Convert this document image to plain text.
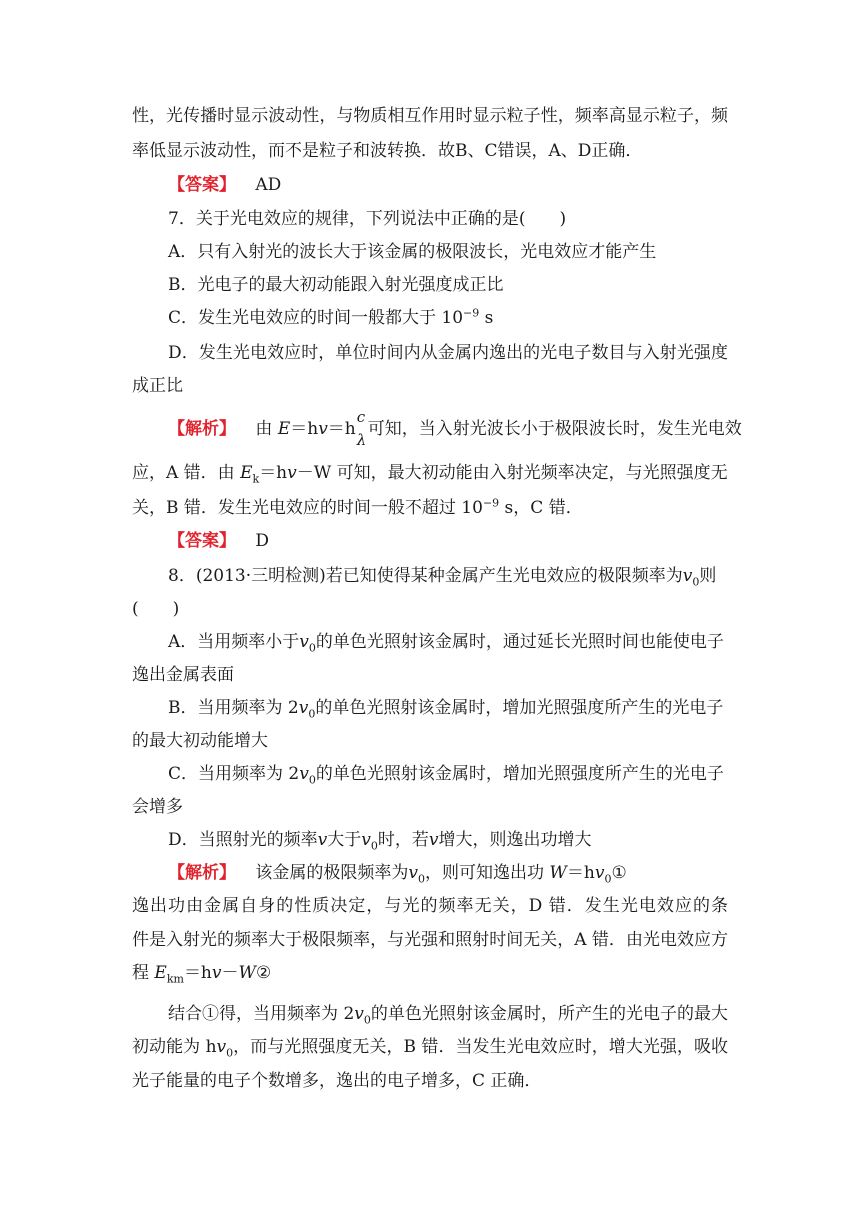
性，光传播时显示波动性，与物质相互作用时显示粒子性，频率高显示粒子，频
率低显示波动性，而不是粒子和波转换．故B、C错误，A、D正确．
【答案】 AD
7．关于光电效应的规律，下列说法中正确的是(　　)
A．只有入射光的波长大于该金属的极限波长，光电效应才能产生
B．光电子的最大初动能跟入射光强度成正比
C．发生光电效应的时间一般都大于 $10^{-9}$ s
D．发生光电效应时，单位时间内从金属内逸出的光电子数目与入射光强度
成正比
【解析】 由 E＝hv＝h
c
λ
可知，当入射光波长小于极限波长时，发生光电效
应，A 错．由 $E_k=hv-W$ 可知，最大初动能由入射光频率决定，与光照强度无
关，B 错．发生光电效应的时间一般不超过 $10^{-9}$ s，C 错．
【答案】 D
8．(2013·三明检测)若已知使得某种金属产生光电效应的极限频率为$v_0$则
(　　)
A．当用频率小于$v_0$的单色光照射该金属时，通过延长光照时间也能使电子
逸出金属表面
B．当用频率为 $2v_0$的单色光照射该金属时，增加光照强度所产生的光电子
的最大初动能增大
C．当用频率为 $2v_0$的单色光照射该金属时，增加光照强度所产生的光电子
会增多
D．当照射光的频率v大于$v_0$时，若v增大，则逸出功增大
【解析】 该金属的极限频率为$v_0$，则可知逸出功 $W=hv_0①$
逸出功由金属自身的性质决定，与光的频率无关，D 错．发生光电效应的条
件是入射光的频率大于极限频率，与光强和照射时间无关，A 错．由光电效应方
程 $E_{km}=hv-W②$
结合①得，当用频率为 $2v_0$的单色光照射该金属时，所产生的光电子的最大
初动能为 $hv_0$，而与光照强度无关，B 错．当发生光电效应时，增大光强，吸收
光子能量的电子个数增多，逸出的电子增多，C 正确．
